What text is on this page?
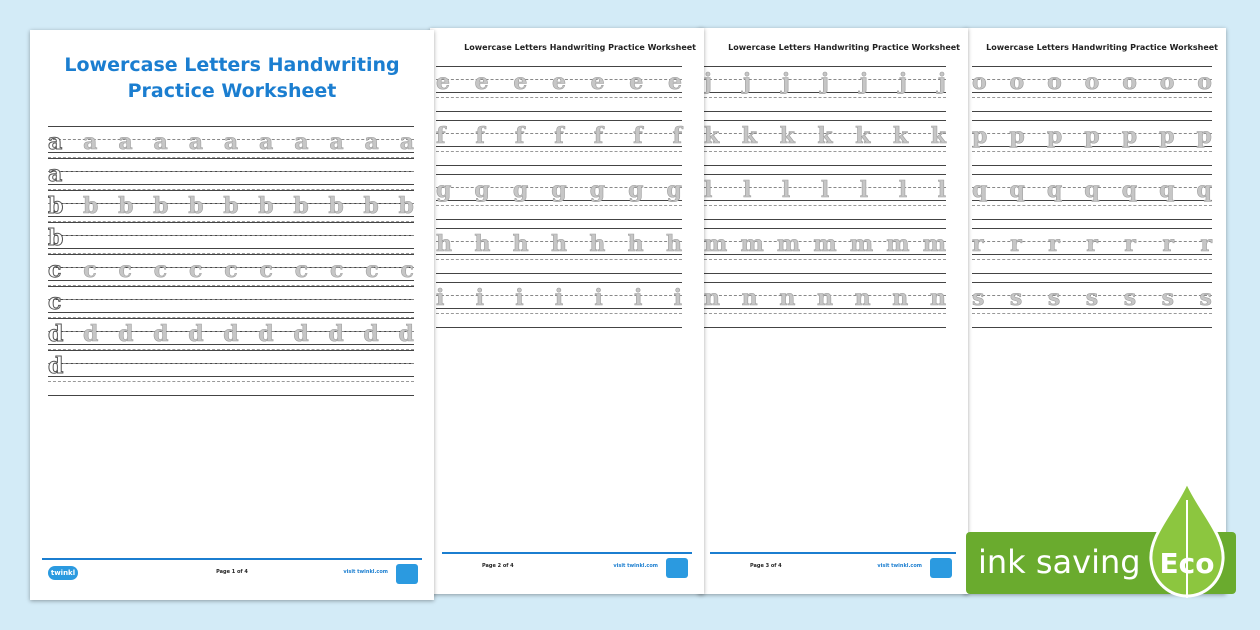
Lowercase Letters Handwriting
Practice Worksheet
a a a a a a a a a a a
a
b b b b b b b b b b b
b
c c c c c c c c c c c
c
d d d d d d d d d d d
d
twinkl	Page 1 of 4	visit twinkl.com
Lowercase Letters Handwriting Practice Worksheet
e e e e e e e
f f f f f f f
g g g g g g g
h h h h h h h
i i i i i i i
Page 2 of 4	visit twinkl.com
Lowercase Letters Handwriting Practice Worksheet
j j j j j j j
k k k k k k k
l l l l l l l
m m m m m m m
n n n n n n n
Page 3 of 4	visit twinkl.com
Lowercase Letters Handwriting Practice Worksheet
o o o o o o o
p p p p p p p
q q q q q q q
r r r r r r r
s s s s s s s
ink saving Eco
